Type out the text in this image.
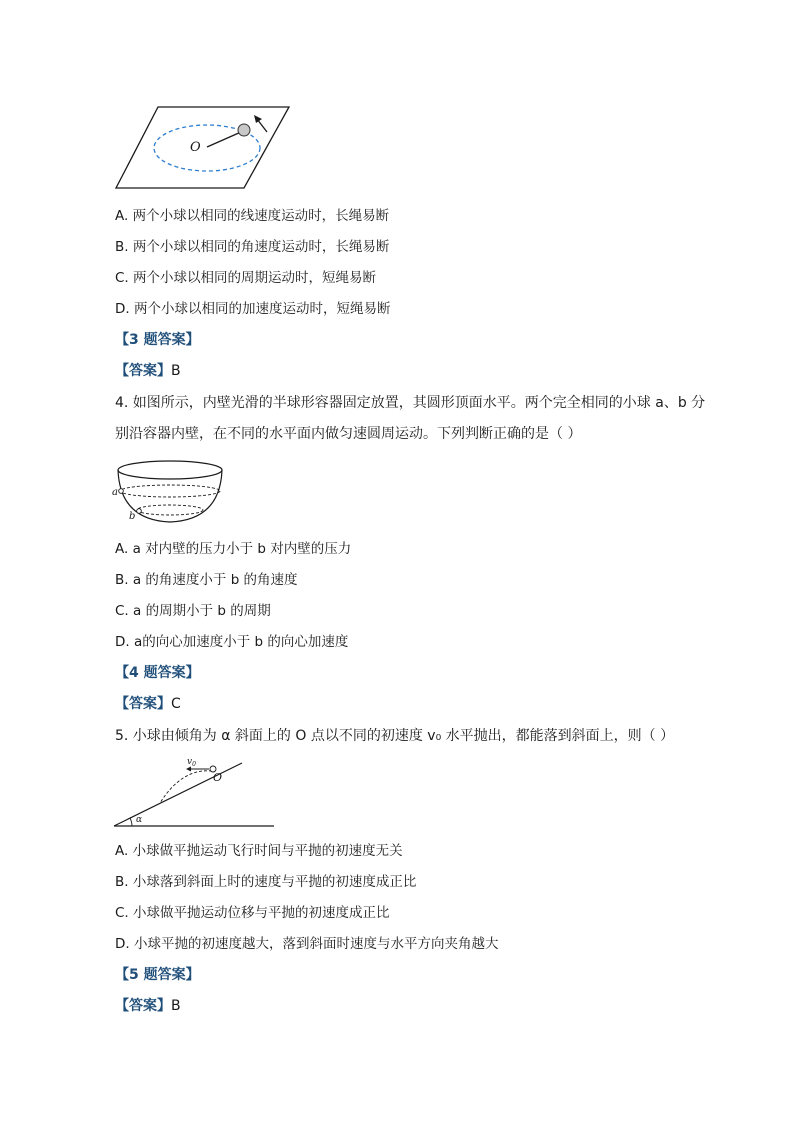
O
A. 两个小球以相同的线速度运动时，长绳易断
B. 两个小球以相同的角速度运动时，长绳易断
C. 两个小球以相同的周期运动时，短绳易断
D. 两个小球以相同的加速度运动时，短绳易断
【3 题答案】
【答案】B
4. 如图所示，内壁光滑的半球形容器固定放置，其圆形顶面水平。两个完全相同的小球 a、b 分
别沿容器内壁，在不同的水平面内做匀速圆周运动。下列判断正确的是（ ）
a
b
A. a 对内壁的压力小于 b 对内壁的压力
B. a 的角速度小于 b 的角速度
C. a 的周期小于 b 的周期
D. a的向心加速度小于 b 的向心加速度
【4 题答案】
【答案】C
5. 小球由倾角为 α 斜面上的 O 点以不同的初速度 v₀ 水平抛出，都能落到斜面上，则（ ）
$v_0$
O
α
A. 小球做平抛运动飞行时间与平抛的初速度无关
B. 小球落到斜面上时的速度与平抛的初速度成正比
C. 小球做平抛运动位移与平抛的初速度成正比
D. 小球平抛的初速度越大，落到斜面时速度与水平方向夹角越大
【5 题答案】
【答案】B
